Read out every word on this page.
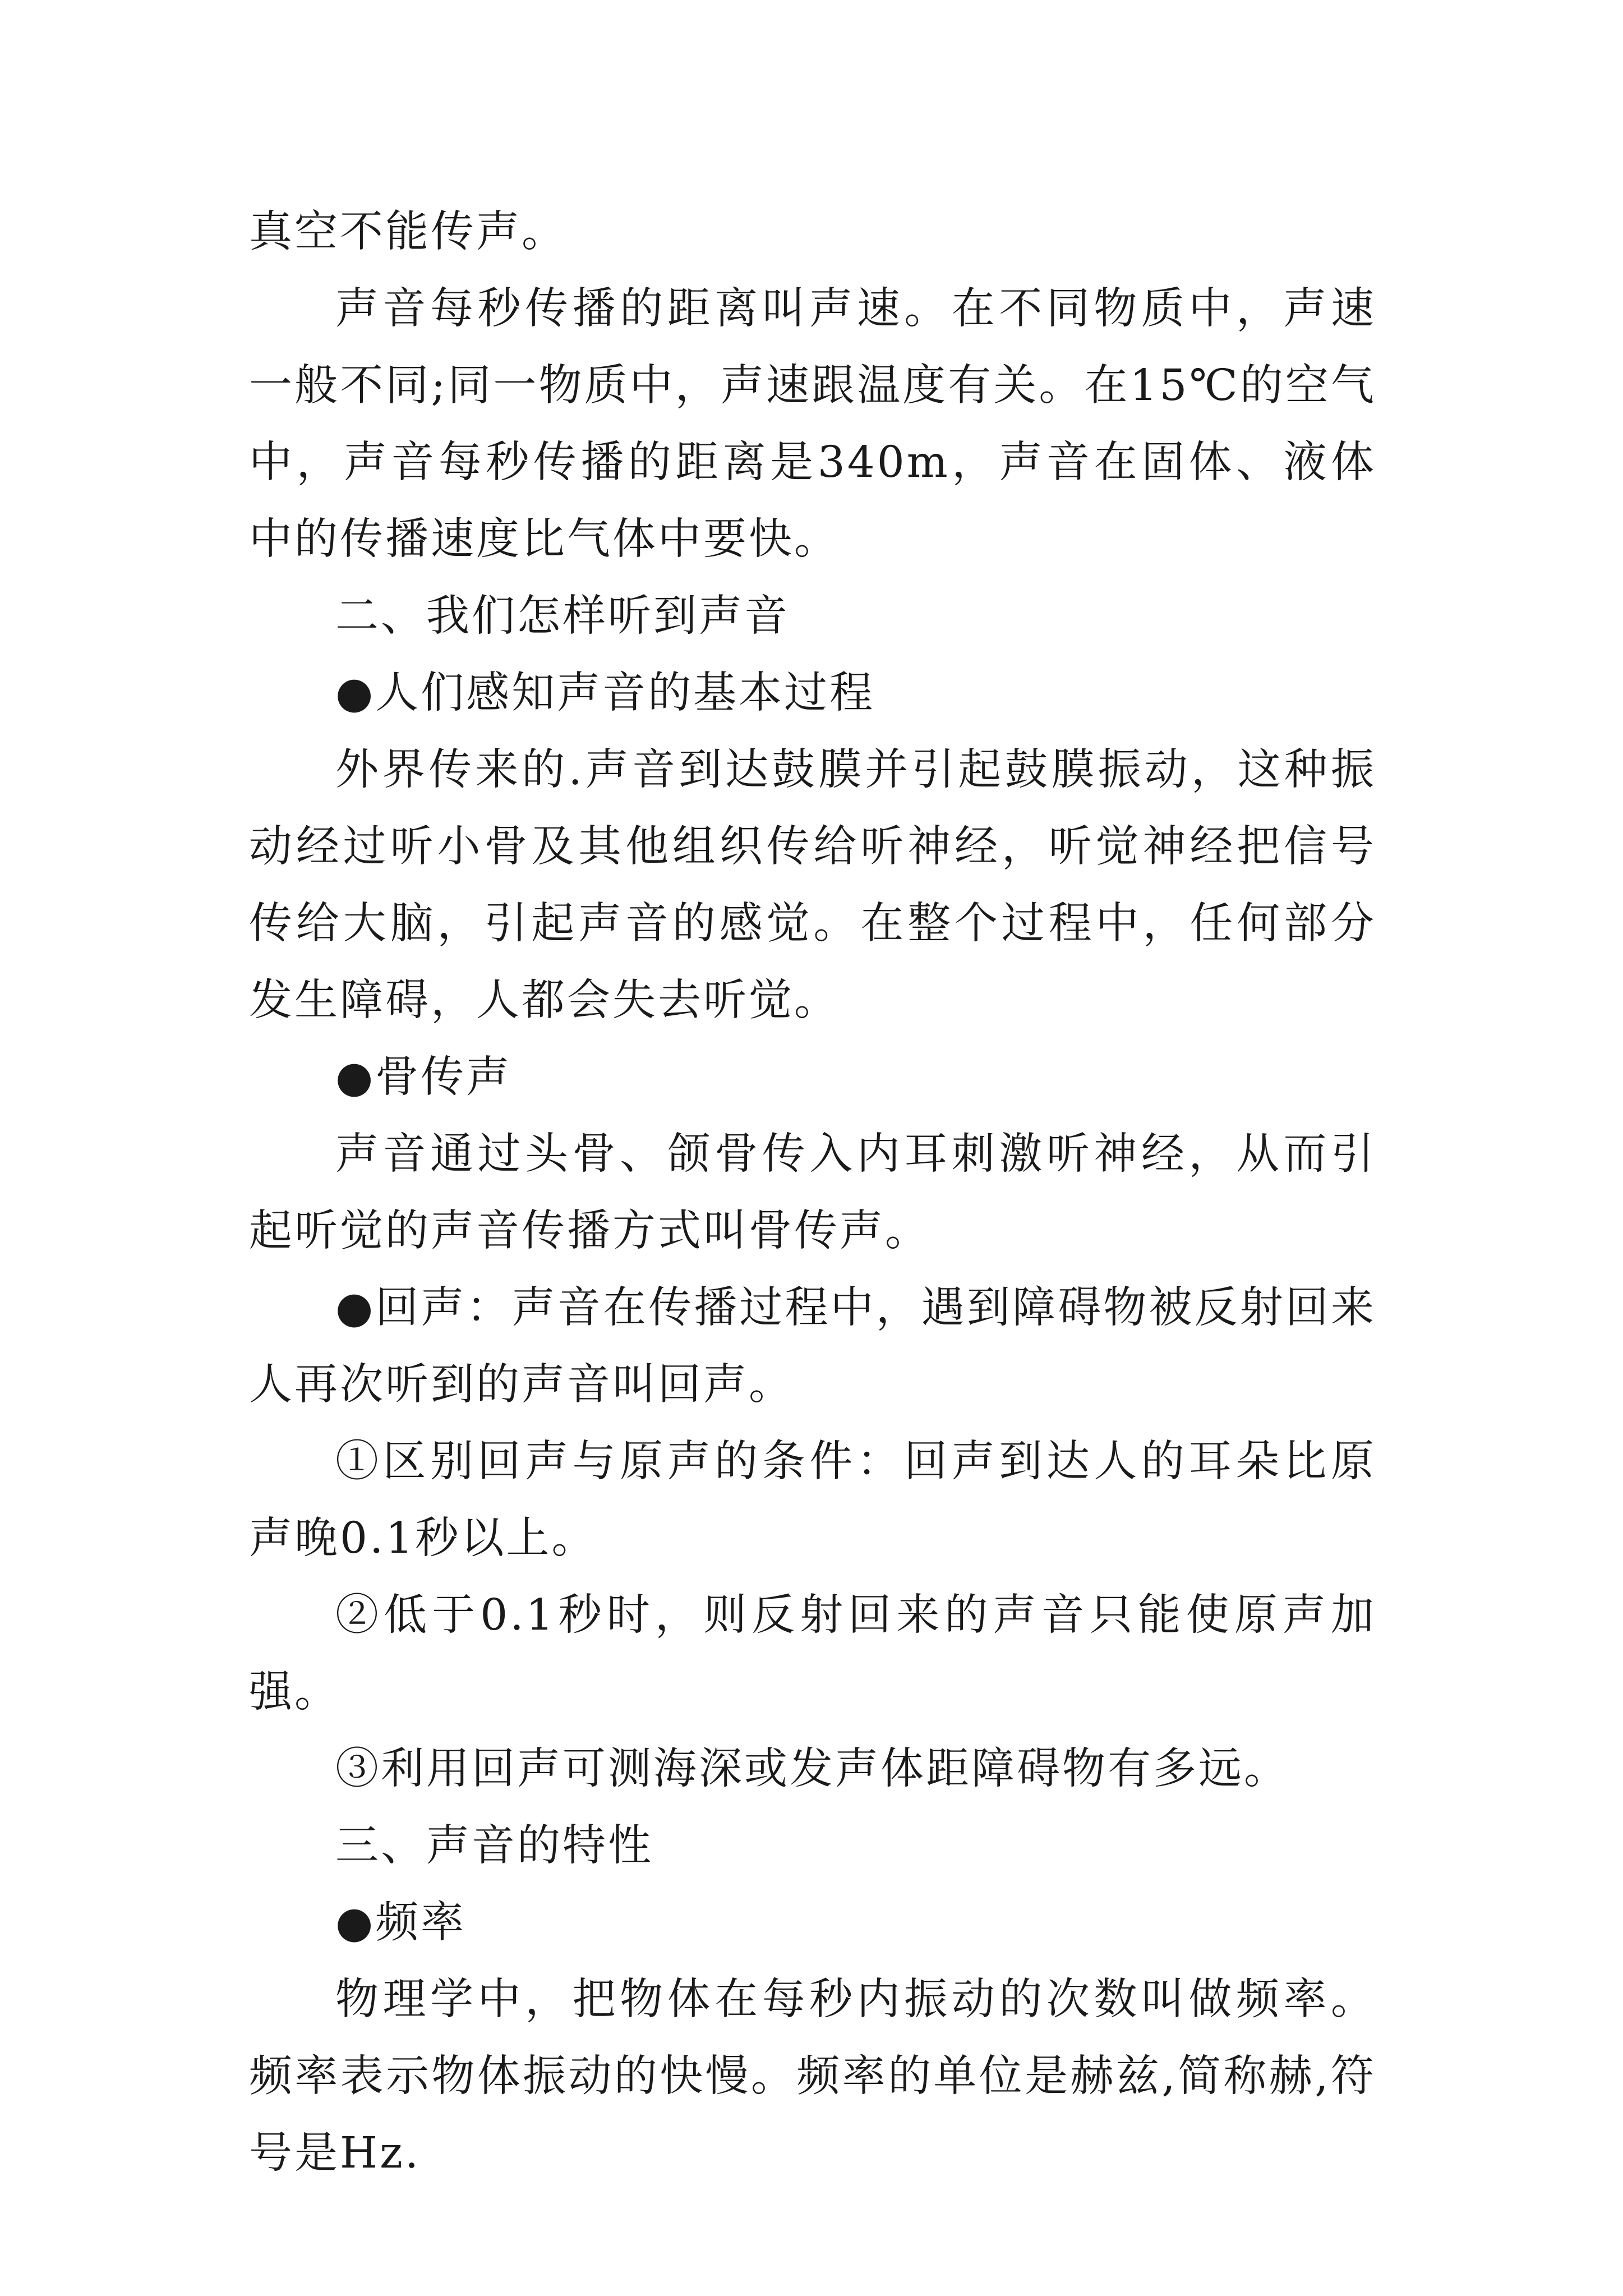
真空不能传声。

声音每秒传播的距离叫声速。在不同物质中，声速一般不同;同一物质中，声速跟温度有关。在15℃的空气中，声音每秒传播的距离是340m，声音在固体、液体中的传播速度比气体中要快。

二、我们怎样听到声音

●人们感知声音的基本过程

外界传来的.声音到达鼓膜并引起鼓膜振动，这种振动经过听小骨及其他组织传给听神经，听觉神经把信号传给大脑，引起声音的感觉。在整个过程中，任何部分发生障碍，人都会失去听觉。

●骨传声

声音通过头骨、颌骨传入内耳刺激听神经，从而引起听觉的声音传播方式叫骨传声。

●回声：声音在传播过程中，遇到障碍物被反射回来人再次听到的声音叫回声。

①区别回声与原声的条件：回声到达人的耳朵比原声晚0.1秒以上。

②低于0.1秒时，则反射回来的声音只能使原声加强。

③利用回声可测海深或发声体距障碍物有多远。

三、声音的特性

●频率

物理学中，把物体在每秒内振动的次数叫做频率。频率表示物体振动的快慢。频率的单位是赫兹,简称赫,符号是Hz.
